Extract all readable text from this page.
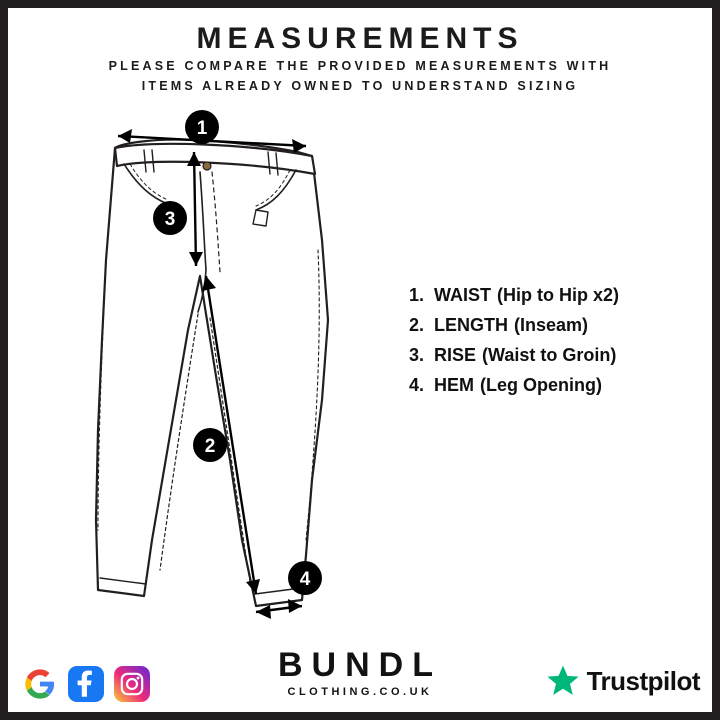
MEASUREMENTS
PLEASE COMPARE THE PROVIDED MEASUREMENTS WITH
ITEMS ALREADY OWNED TO UNDERSTAND SIZING
1
3
2
4
1. WAIST (Hip to Hip x2)
2. LENGTH (Inseam)
3. RISE (Waist to Groin)
4. HEM (Leg Opening)
BUNDL
CLOTHING.CO.UK	Trustpilot
